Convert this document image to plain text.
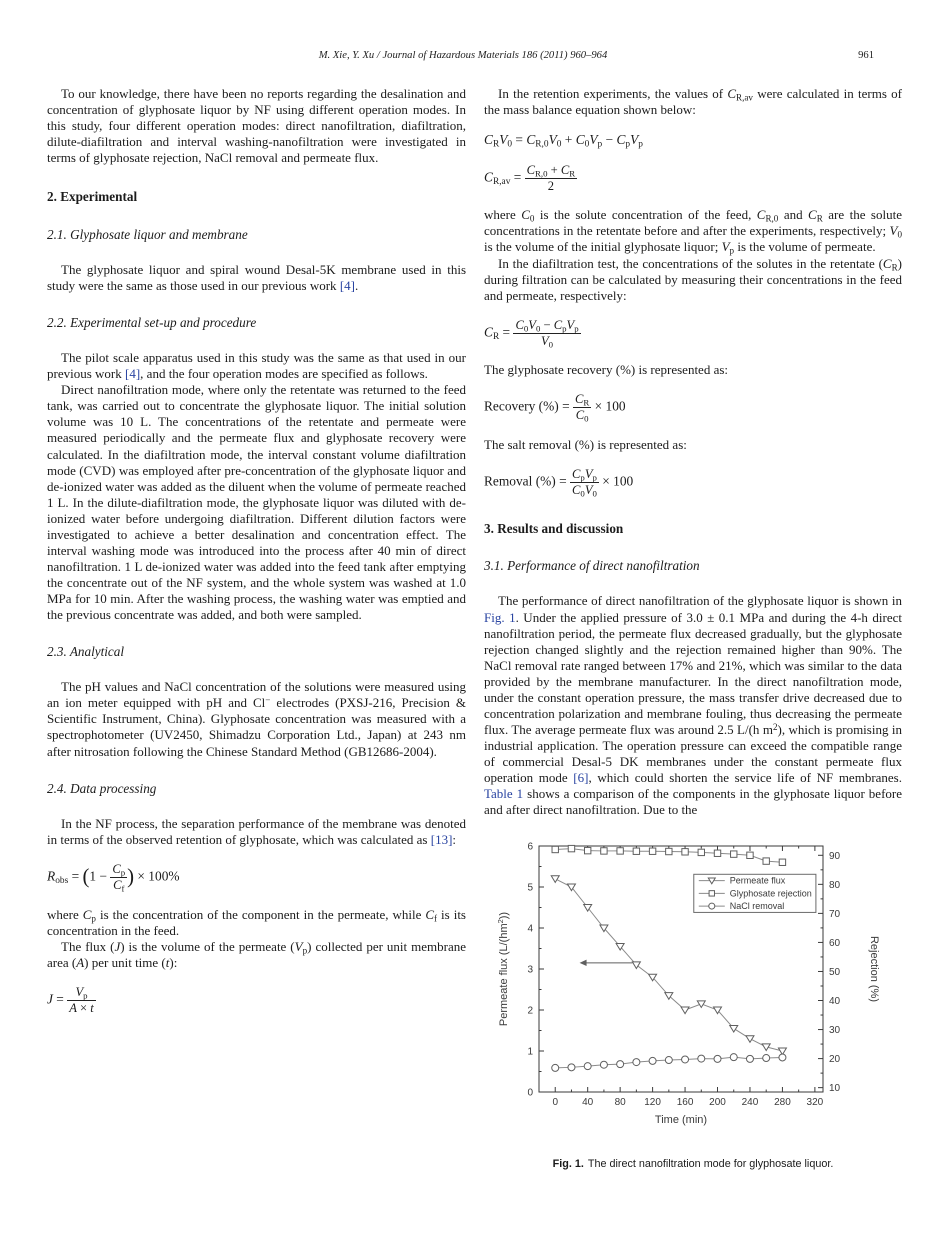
M. Xie, Y. Xu / Journal of Hazardous Materials 186 (2011) 960–964	961

To our knowledge, there have been no reports regarding the desalination and concentration of glyphosate liquor by NF using different operation modes. In this study, four different operation modes: direct nanofiltration, diafiltration, dilute-diafiltration and interval washing-nanofiltration were investigated in terms of glyphosate rejection, NaCl removal and permeate flux.

2. Experimental
2.1. Glyphosate liquor and membrane

The glyphosate liquor and spiral wound Desal-5K membrane used in this study were the same as those used in our previous work [4].

2.2. Experimental set-up and procedure

The pilot scale apparatus used in this study was the same as that used in our previous work [4], and the four operation modes are specified as follows.

Direct nanofiltration mode, where only the retentate was returned to the feed tank, was carried out to concentrate the glyphosate liquor. The initial solution volume was 10 L. The concentrations of the retentate and permeate were measured periodically and the permeate flux and glyphosate recovery were calculated. In the diafiltration mode, the interval constant volume diafiltration mode (CVD) was employed after pre-concentration of the glyphosate liquor and de-ionized water was added as the diluent when the volume of permeate reached 1 L. In the dilute-diafiltration mode, the glyphosate liquor was diluted with de-ionized water before undergoing diafiltration. Different dilution factors were investigated to achieve a better desalination and concentration effect. The interval washing mode was introduced into the process after 40 min of direct nanofiltration. 1 L de-ionized water was added into the feed tank after emptying the concentrate out of the NF system, and the whole system was washed at 1.0 MPa for 10 min. After the washing process, the washing water was emptied and the previous concentrate was added, and both were sampled.

2.3. Analytical

The pH values and NaCl concentration of the solutions were measured using an ion meter equipped with pH and Cl− electrodes (PXSJ-216, Precision & Scientific Instrument, China). Glyphosate concentration was measured with a spectrophotometer (UV2450, Shimadzu Corporation Ltd., Japan) at 243 nm after nitrosation following the Chinese Standard Method (GB12686-2004).

2.4. Data processing

In the NF process, the separation performance of the membrane was denoted in terms of the observed retention of glyphosate, which was calculated as [13]:

$R_{obs} = (1 - \frac{C_p}{C_f}$ ) × 100%

where $C_p$ is the concentration of the component in the permeate, while $C_f$ is its concentration in the feed.

The flux (J) is the volume of the permeate $(V_p)$ collected per unit membrane area (A) per unit time (t):

$J = \frac{V_p}{A \times t}$

In the retention experiments, the values of $C_{R,av}$ were calculated in terms of the mass balance equation shown below:

$C_RV_0 = C_{R,0}V_0 + C_0V_p - C_pV_p$
$C_{R,av} = \frac{C_{R,0} + C_R}{2}$

where $C_0$ is the solute concentration of the feed, $C_{R,0}$ and $C_R$ are the solute concentrations in the retentate before and after the experiments, respectively; $V_0$ is the volume of the initial glyphosate liquor; $V_p$ is the volume of permeate.

In the diafiltration test, the concentrations of the solutes in the retentate $(C_R)$ during filtration can be calculated by measuring their concentrations in the feed and permeate, respectively:

$C_R = \frac{C_0V_0 - C_pV_p}{V_0}$

The glyphosate recovery (%) is represented as:

Recovery (%) = $\frac{C_R}{C_0} \times 100$

The salt removal (%) is represented as:

Removal (%) = $\frac{C_pV_p}{C_0V_0} \times 100$
3. Results and discussion
3.1. Performance of direct nanofiltration

The performance of direct nanofiltration of the glyphosate liquor is shown in Fig. 1. Under the applied pressure of 3.0 ± 0.1 MPa and during the 4-h direct nanofiltration period, the permeate flux decreased gradually, but the glyphosate rejection changed slightly and the rejection remained higher than 90%. The NaCl removal rate ranged between 17% and 21%, which was similar to the data provided by the membrane manufacturer. In the direct nanofiltration mode, under the constant operation pressure, the mass transfer drive decreased due to concentration polarization and membrane fouling, thus decreasing the permeate flux. The average permeate flux was around 2.5 L/(h $m^2$), which is promising in industrial application. The operation pressure can exceed the compatible range of commercial Desal-5 DK membranes under the constant permeate flux operation mode [6], which could shorten the service life of NF membranes. Table 1 shows a comparison of the components in the glyphosate liquor before and after direct nanofiltration. Due to the

0 40 80 120 160 200 240 280 320
0
1
2
3
4
5
6
10
20
30
40
50
60
70
80
90
Permeate flux
Glyphosate rejection
NaCl removal
Time (min)
Permeate flux $(L/(hm^2))$
Rejection (%)
Fig. 1. The direct nanofiltration mode for glyphosate liquor.
